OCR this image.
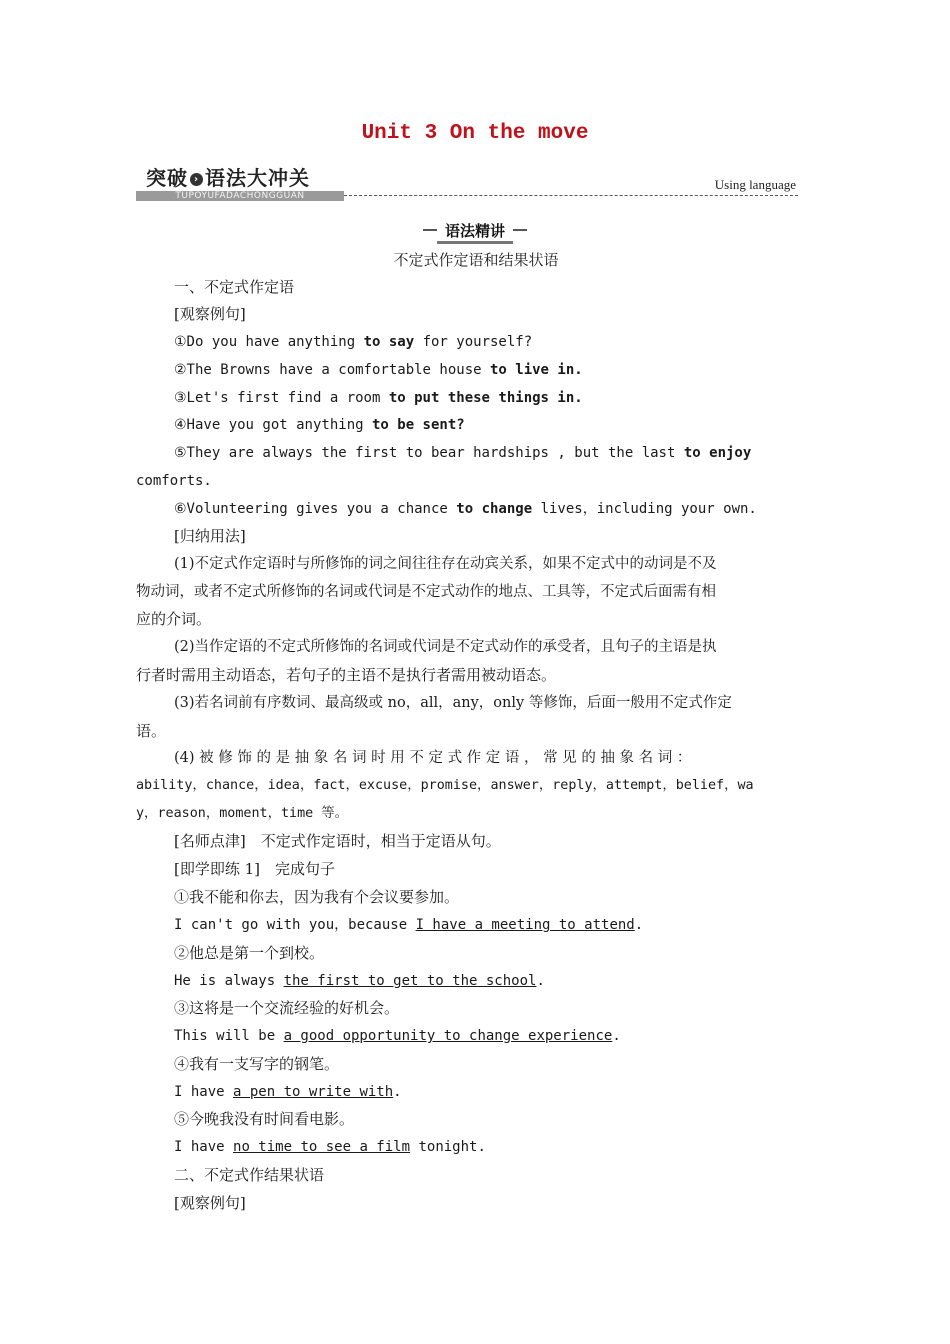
Unit 3 On the move
突破 › 语法大冲关
TUPOYUFADACHONGGUAN
Using language
语法精讲
不定式作定语和结果状语
一、不定式作定语
[观察例句]
①Do you have anything to say for yourself?
②The Browns have a comfortable house to live in.
③Let's first find a room to put these things in.
④Have you got anything to be sent?
⑤They are always the first to bear hardships , but the last to enjoy
comforts.
⑥Volunteering gives you a chance to change lives，including your own.
[归纳用法]
(1)不定式作定语时与所修饰的词之间往往存在动宾关系，如果不定式中的动词是不及
物动词，或者不定式所修饰的名词或代词是不定式动作的地点、工具等，不定式后面需有相
应的介词。
(2)当作定语的不定式所修饰的名词或代词是不定式动作的承受者，且句子的主语是执
行者时需用主动语态，若句子的主语不是执行者需用被动语态。
(3)若名词前有序数词、最高级或 no，all，any，only 等修饰，后面一般用不定式作定
语。
(4) 被 修 饰 的 是 抽 象 名 词 时 用 不 定 式 作 定 语 ， 常 见 的 抽 象 名 词 ：
ability，chance，idea，fact，excuse，promise，answer，reply，attempt，belief，wa
y，reason，moment，time 等。
[名师点津]　不定式作定语时，相当于定语从句。
[即学即练 1]　完成句子
①我不能和你去，因为我有个会议要参加。
I can't go with you，because I have a meeting to attend.
②他总是第一个到校。
He is always the first to get to the school.
③这将是一个交流经验的好机会。
This will be a good opportunity to change experience.
④我有一支写字的钢笔。
I have a pen to write with.
⑤今晚我没有时间看电影。
I have no time to see a film tonight.
二、不定式作结果状语
[观察例句]
